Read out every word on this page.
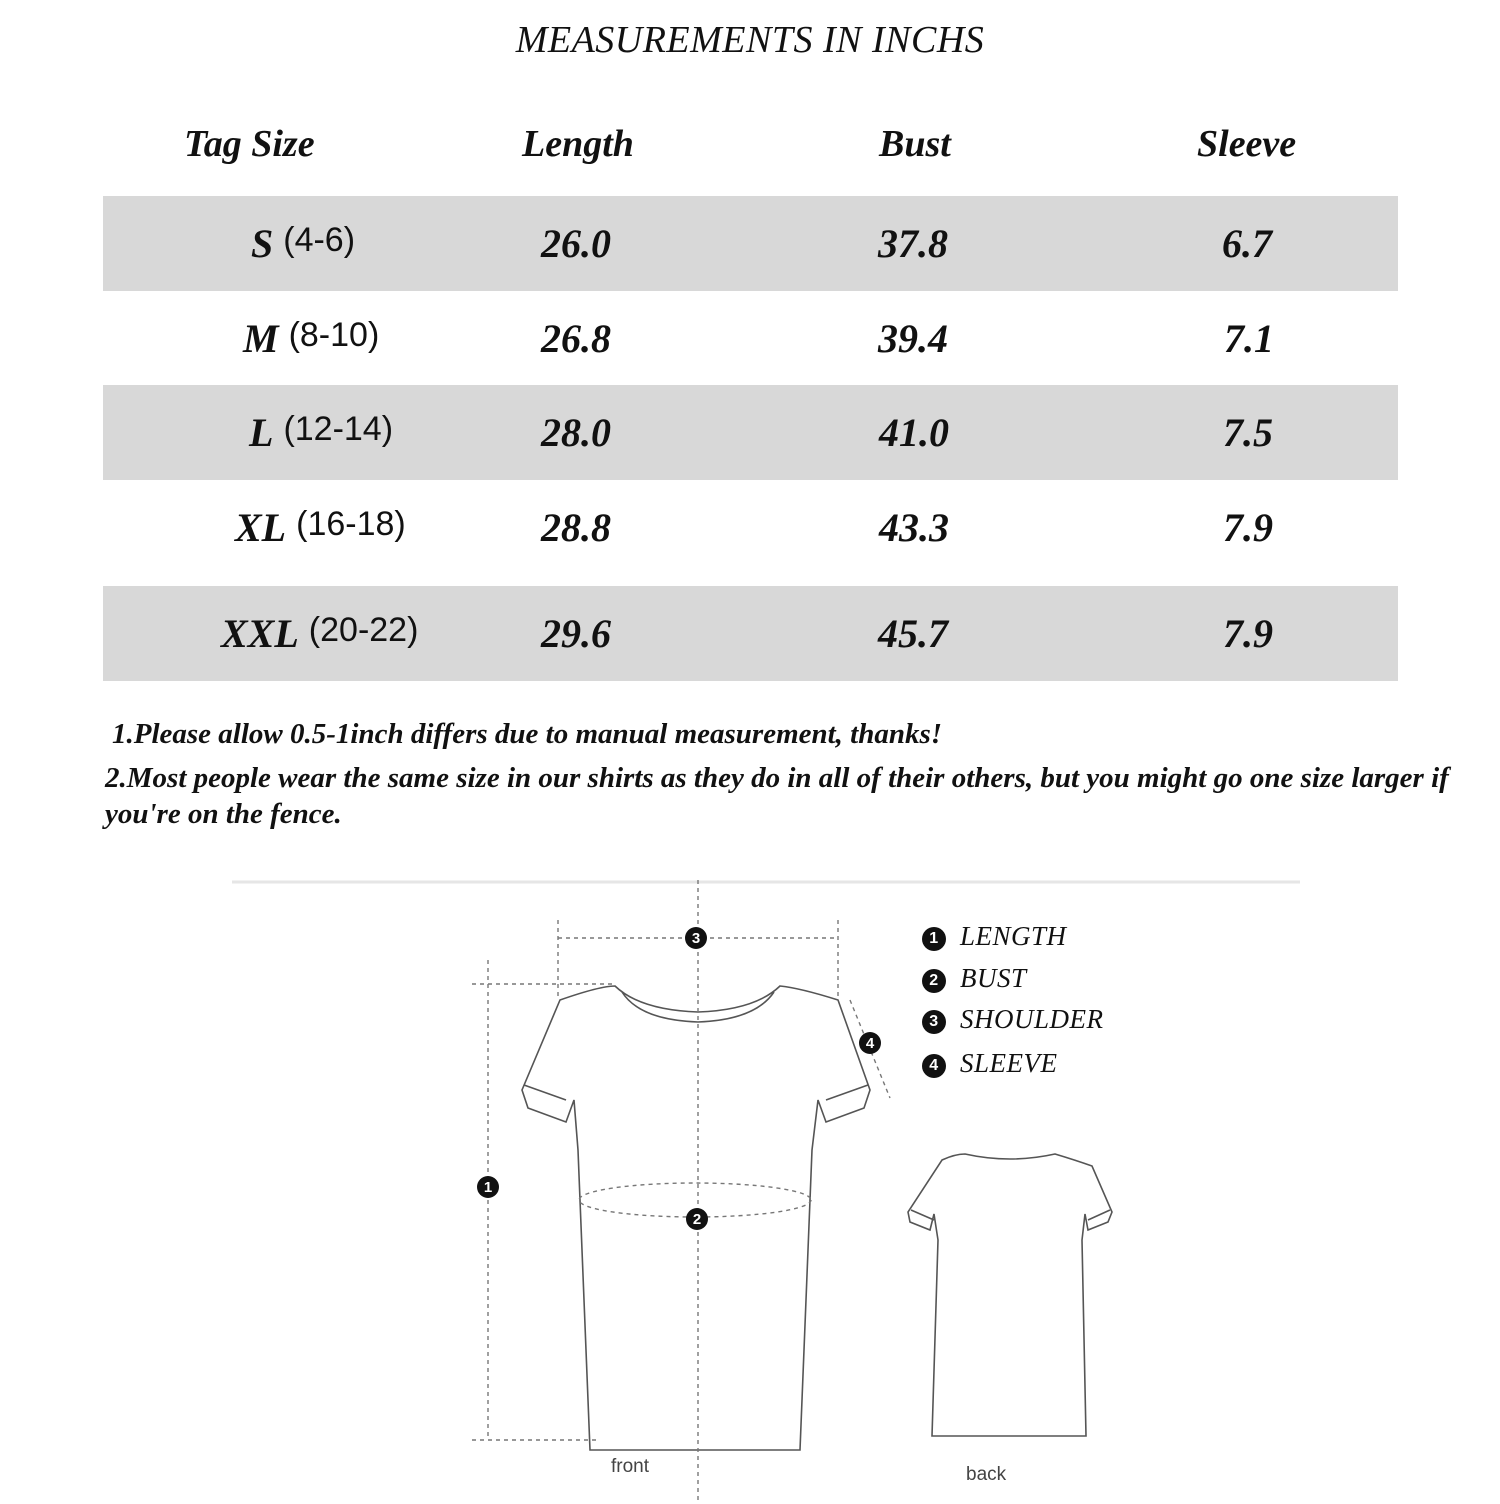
MEASUREMENTS IN INCHS
Tag Size	Length	Bust	Sleeve
S (4-6)	26.0	37.8	6.7
M (8-10)	26.8	39.4	7.1
L (12-14)	28.0	41.0	7.5
XL (16-18)	28.8	43.3	7.9
XXL (20-22)	29.6	45.7	7.9
1.Please allow 0.5-1inch differs due to manual measurement, thanks!
2.Most people wear the same size in our shirts as they do in all of their others, but you might go one size larger if you're on the fence.
3
4
1
2
front	back
1 LENGTH
2 BUST
3 SHOULDER
4 SLEEVE
